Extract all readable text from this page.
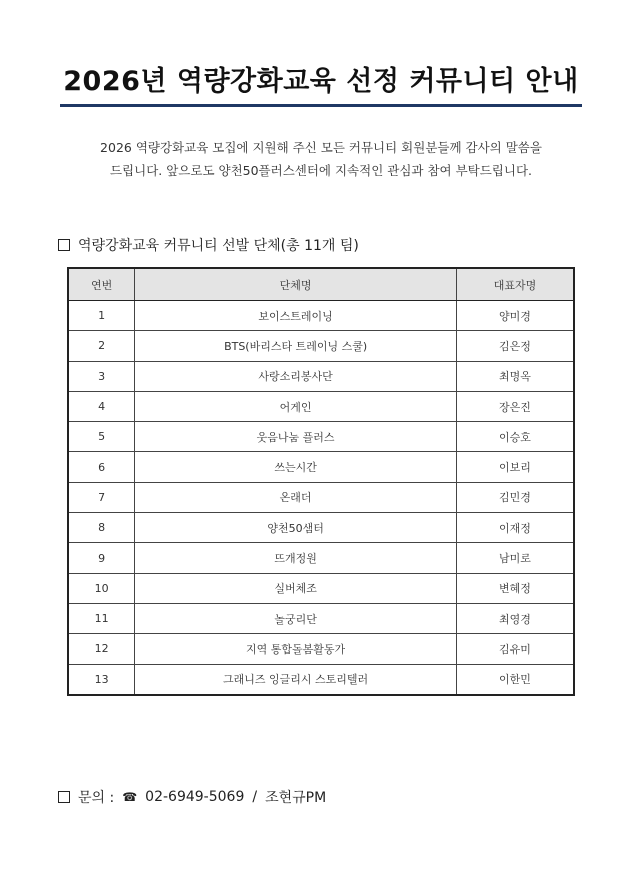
2026년 역량강화교육 선정 커뮤니티 안내

2026 역량강화교육 모집에 지원해 주신 모든 커뮤니티 회원분들께 감사의 말씀을

드립니다. 앞으로도 양천50플러스센터에 지속적인 관심과 참여 부탁드립니다.

역량강화교육 커뮤니티 선발 단체(총 11개 팀)
연번	단체명	대표자명
1	보이스트레이닝	양미경
2	BTS(바리스타 트레이닝 스쿨)	김은정
3	사랑소리봉사단	최명옥
4	어게인	장은진
5	웃음나눔 플러스	이승호
6	쓰는시간	이보리
7	온래더	김민경
8	양천50샘터	이재정
9	뜨개정원	남미로
10	실버체조	변혜정
11	놀궁리단	최영경
12	지역 통합돌봄활동가	김유미
13	그래니즈 잉글리시 스토리텔러	이한민
문의 : ☎ 02-6949-5069 / 조현규PM
